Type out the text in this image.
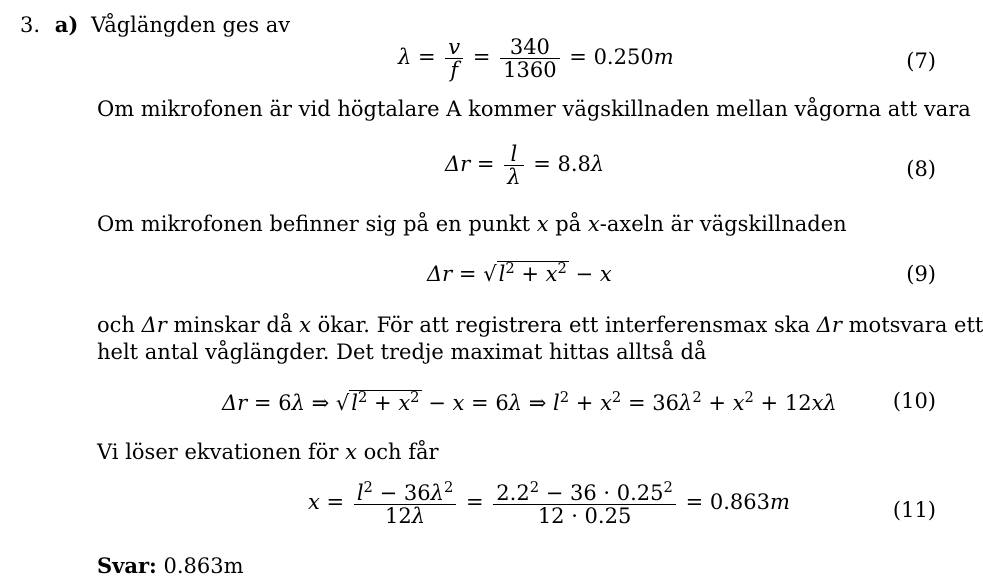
3. a) Våglängden ges av
$\lambda = \frac{v}{f} = \frac{340}{1360} = 0.250m$	(7)
Om mikrofonen är vid högtalare A kommer vägskillnaden mellan vågorna att vara
$\Delta r = \frac{l}{\lambda} = 8.8\lambda$	(8)
Om mikrofonen befinner sig på en punkt x på x-axeln är vägskillnaden
$\Delta r = √l^2 + x^2 - x$	(9)
och Δr minskar då x ökar. För att registrera ett interferensmax ska Δr motsvara ett
helt antal våglängder. Det tredje maximat hittas alltså då
Δr = 6λ ⇒ $√l^2 + x^2 - x = 6\lambda$ ⇒ $l^2 + x^2 = 36\lambda^2 + x^2 + 12x\lambda$	(10)
Vi löser ekvationen för x och får
$x = \frac{l^2 - 36\lambda^2}{12\lambda} = \frac{2.2^2 - 36 \cdot 0.25^2}{12 \cdot 0.25} = 0.863m$	(11)
Svar: 0.863m
